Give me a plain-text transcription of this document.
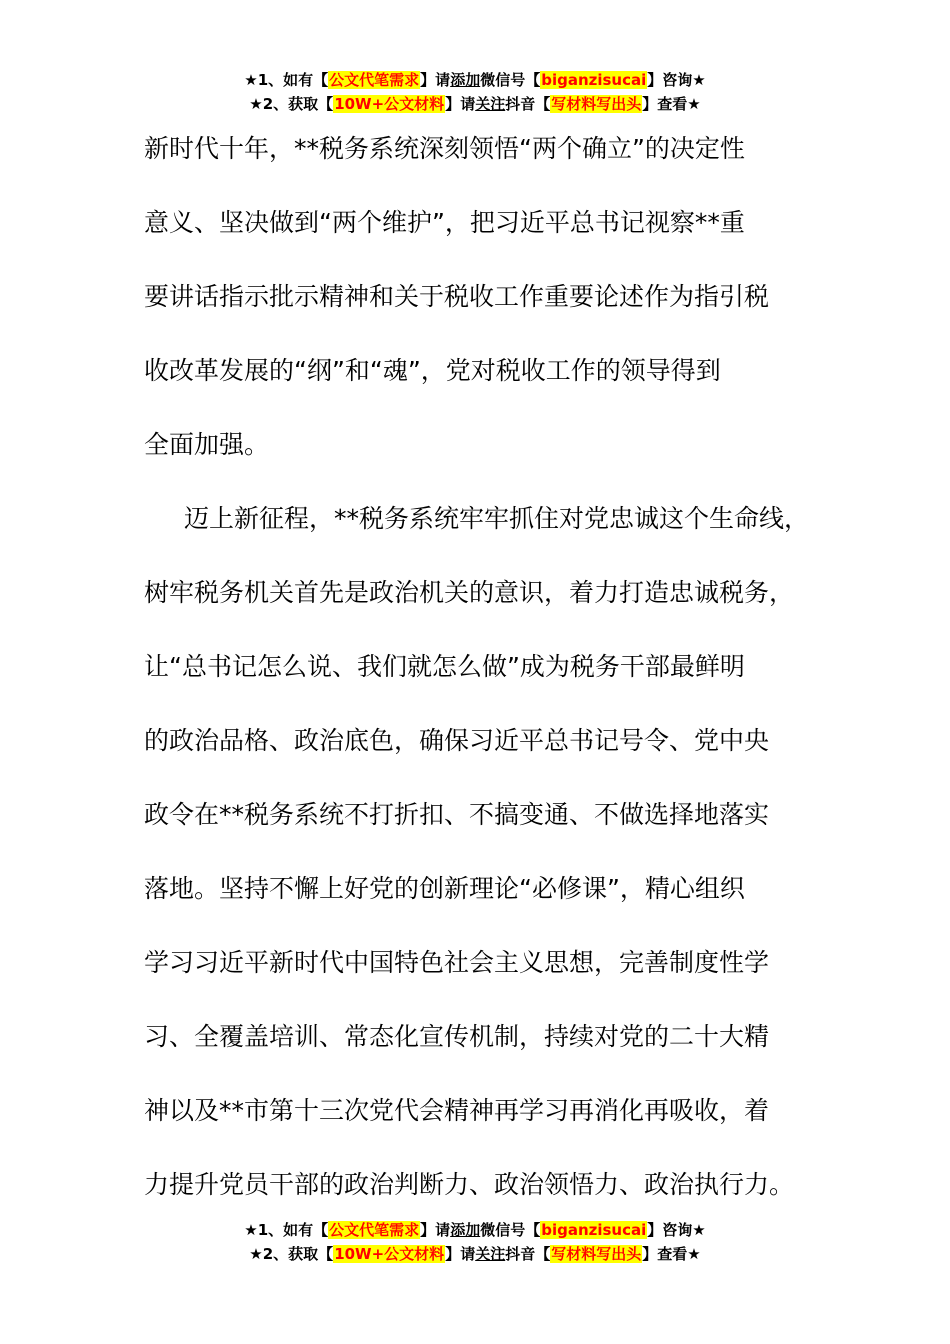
★1、如有【公文代笔需求】请添加微信号【biganzisucai】咨询★
★2、获取【10W+公文材料】请关注抖音【写材料写出头】查看★
新时代十年，**税务系统深刻领悟“两个确立”的决定性
意义、坚决做到“两个维护”，把习近平总书记视察**重
要讲话指示批示精神和关于税收工作重要论述作为指引税
收改革发展的“纲”和“魂”，党对税收工作的领导得到
全面加强。
迈上新征程，**税务系统牢牢抓住对党忠诚这个生命线，
树牢税务机关首先是政治机关的意识，着力打造忠诚税务，
让“总书记怎么说、我们就怎么做”成为税务干部最鲜明
的政治品格、政治底色，确保习近平总书记号令、党中央
政令在**税务系统不打折扣、不搞变通、不做选择地落实
落地。坚持不懈上好党的创新理论“必修课”，精心组织
学习习近平新时代中国特色社会主义思想，完善制度性学
习、全覆盖培训、常态化宣传机制，持续对党的二十大精
神以及**市第十三次党代会精神再学习再消化再吸收，着
力提升党员干部的政治判断力、政治领悟力、政治执行力。
★1、如有【公文代笔需求】请添加微信号【biganzisucai】咨询★
★2、获取【10W+公文材料】请关注抖音【写材料写出头】查看★
